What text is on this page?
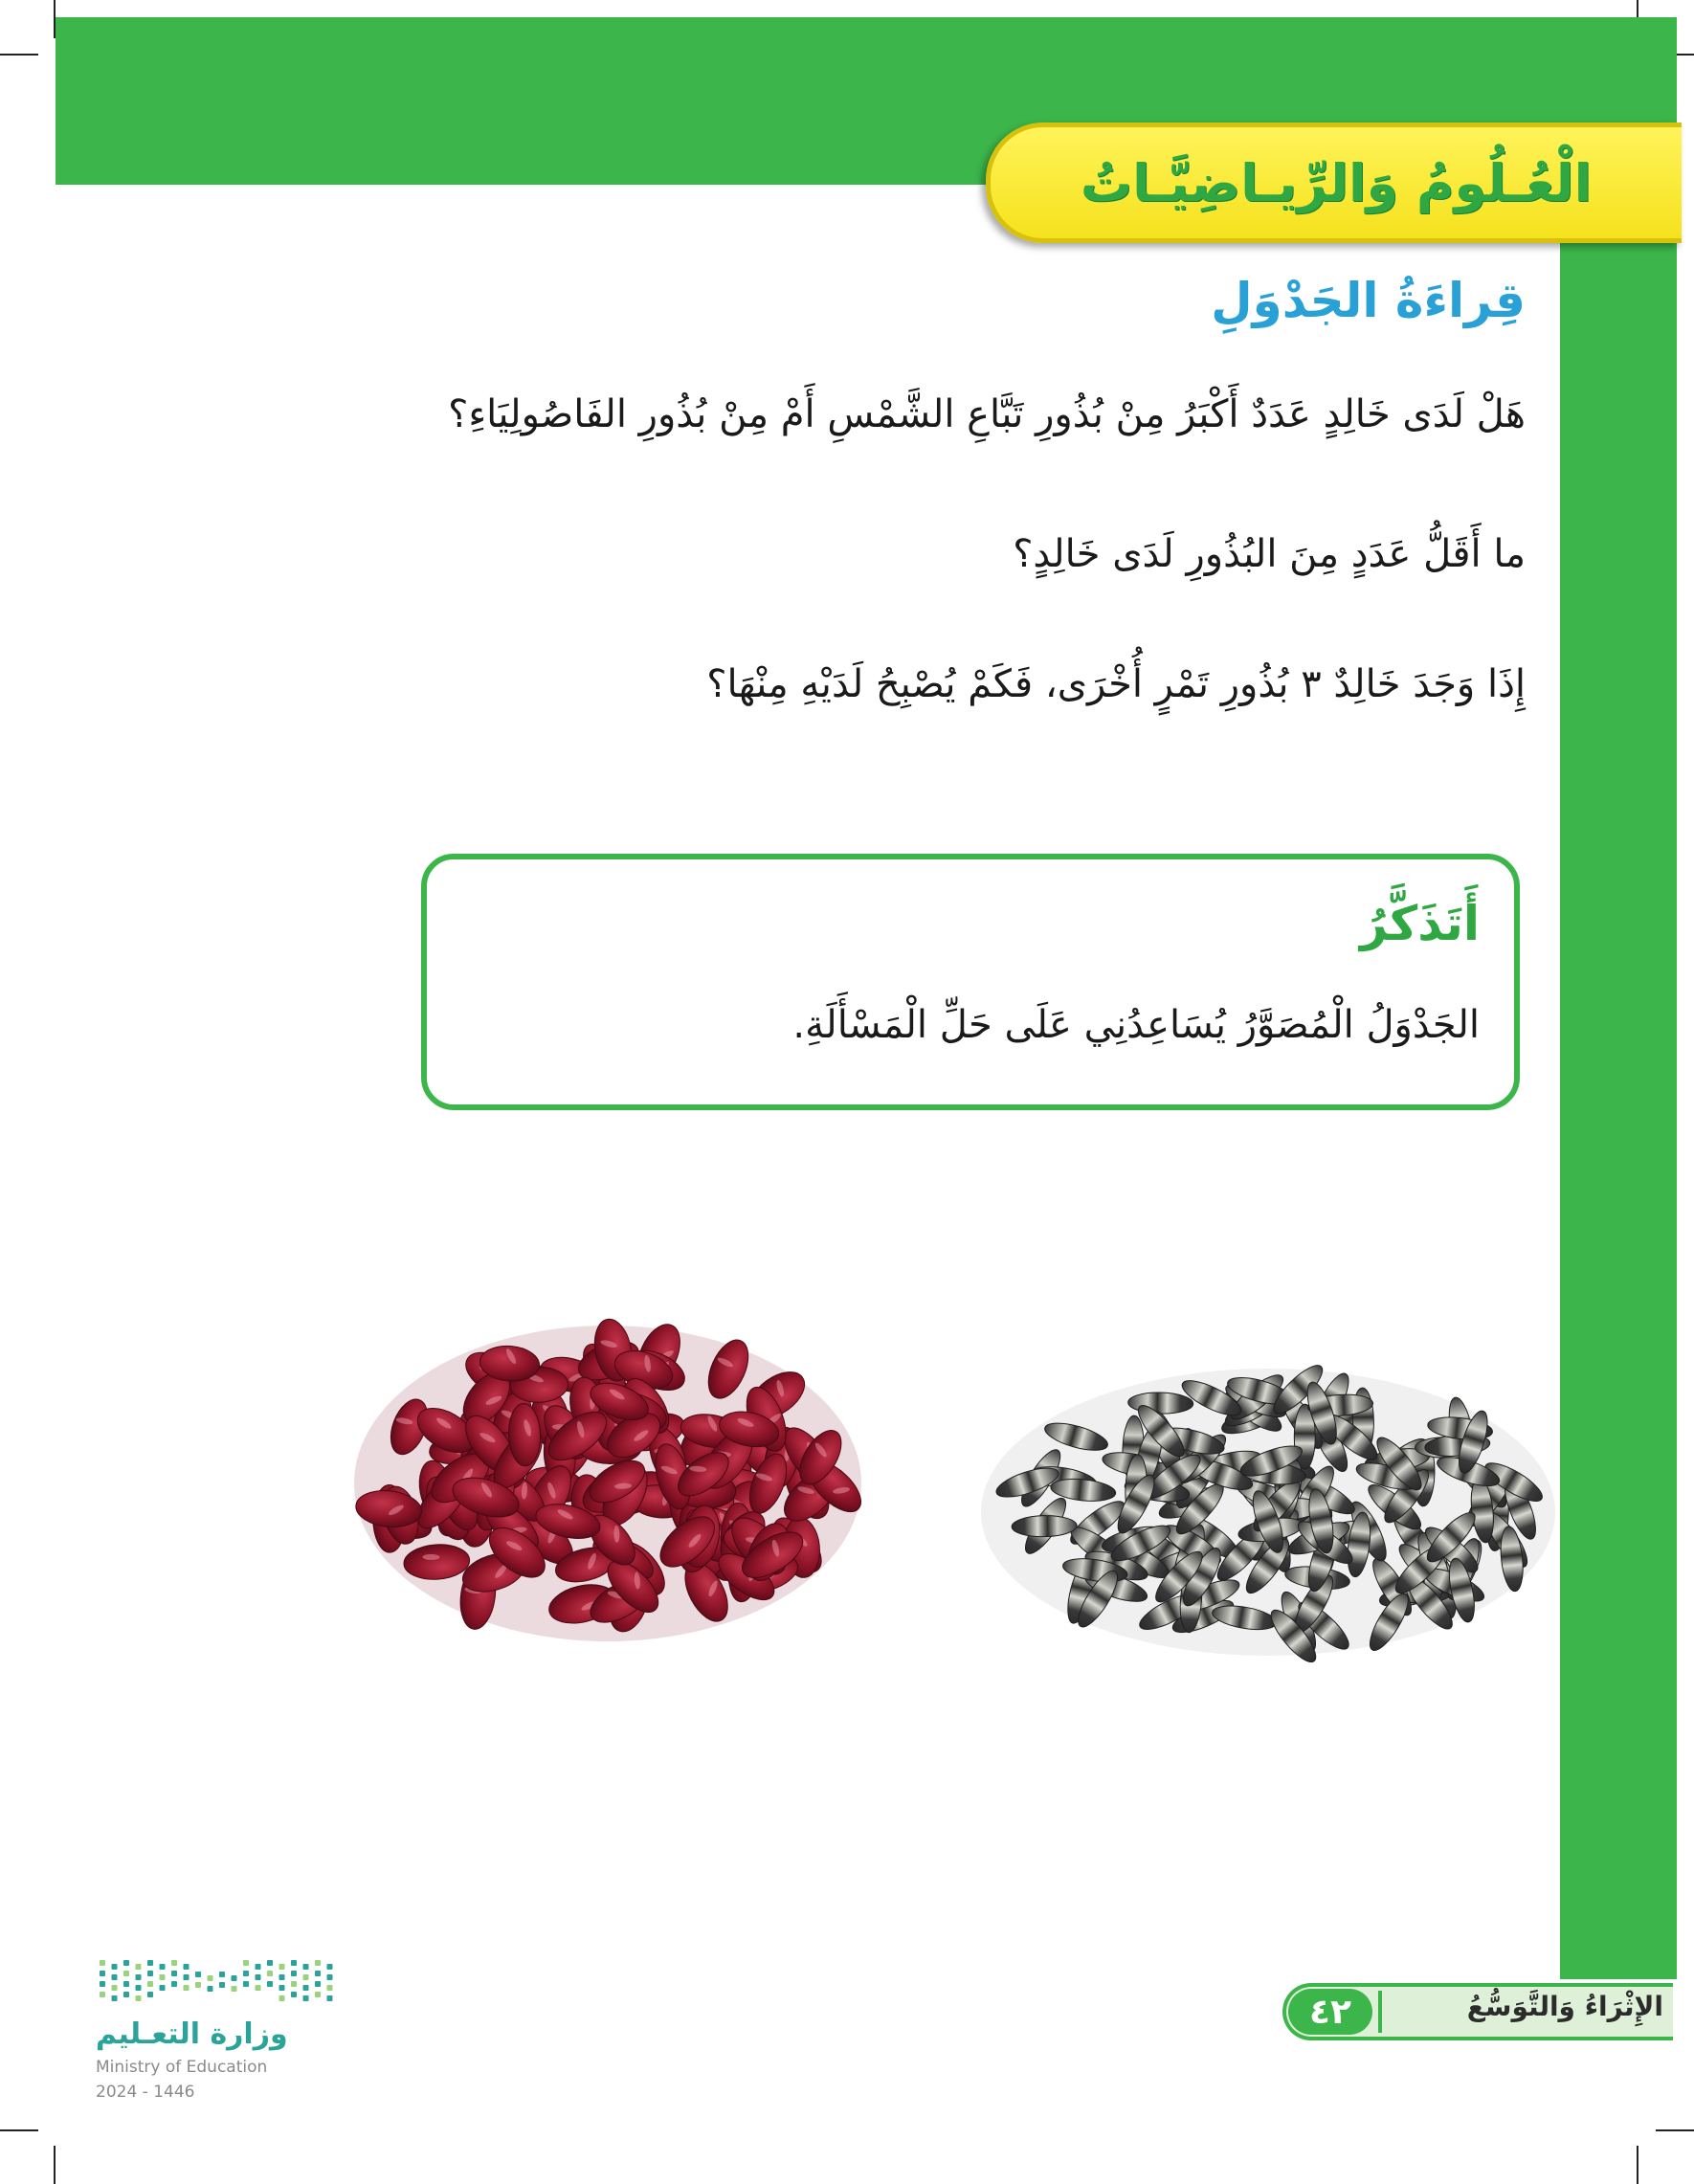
الْعُـلُومُ وَالرِّيـاضِيَّـاتُ
قِراءَةُ الجَدْوَلِ
هَلْ لَدَى خَالِدٍ عَدَدٌ أَكْبَرُ مِنْ بُذُورِ تَبَّاعِ الشَّمْسِ أَمْ مِنْ بُذُورِ الفَاصُولِيَاءِ؟
ما أَقَلُّ عَدَدٍ مِنَ البُذُورِ لَدَى خَالِدٍ؟
إِذَا وَجَدَ خَالِدٌ ٣ بُذُورِ تَمْرٍ أُخْرَى، فَكَمْ يُصْبِحُ لَدَيْهِ مِنْهَا؟
أَتَذَكَّرُ
الجَدْوَلُ الْمُصَوَّرُ يُسَاعِدُنِي عَلَى حَلِّ الْمَسْأَلَةِ.
٤٢	الإِثْرَاءُ وَالتَّوَسُّعُ
وزارة التعـليم
Ministry of Education
2024 - 1446
